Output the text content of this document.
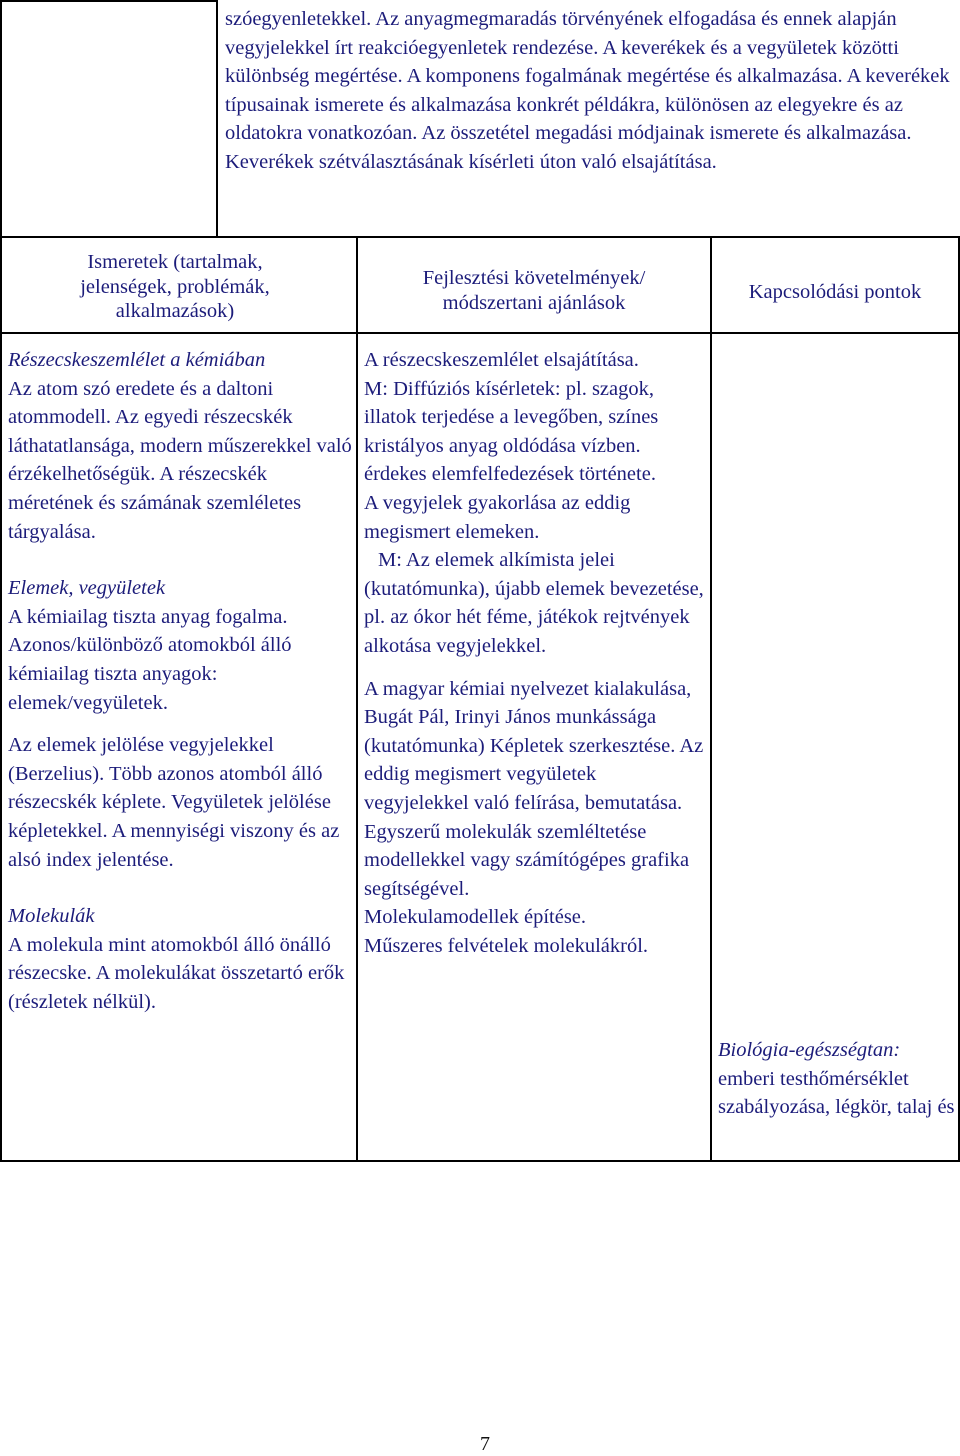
szóegyenletekkel. Az anyagmegmaradás törvényének elfogadása és ennek alapján vegyjelekkel írt reakcióegyenletek rendezése. A keverékek és a vegyületek közötti különbség megértése. A komponens fogalmának megértése és alkalmazása. A keverékek típusainak ismerete és alkalmazása konkrét példákra, különösen az elegyekre és az oldatokra vonatkozóan. Az összetétel megadási módjainak ismerete és alkalmazása. Keverékek szétválasztásának kísérleti úton való elsajátítása.
Ismeretek (tartalmak, jelenségek, problémák, alkalmazások)
Fejlesztési követelmények/ módszertani ajánlások	Kapcsolódási pontok
Részecskeszemlélet a kémiában
Az atom szó eredete és a daltoni atommodell. Az egyedi részecskék láthatatlansága, modern műszerekkel való érzékelhetőségük. A részecskék méretének és számának szemléletes tárgyalása.
Elemek, vegyületek
A kémiailag tiszta anyag fogalma. Azonos/különböző atomokból álló kémiailag tiszta anyagok: elemek/vegyületek.
Az elemek jelölése vegyjelekkel (Berzelius). Több azonos atomból álló részecskék képlete. Vegyületek jelölése képletekkel. A mennyiségi viszony és az alsó index jelentése.
Molekulák
A molekula mint atomokból álló önálló részecske. A molekulákat összetartó erők (részletek nélkül).
A részecskeszemlélet elsajátítása.
M: Diffúziós kísérletek: pl. szagok, illatok terjedése a levegőben, színes kristályos anyag oldódása vízben.
érdekes elemfelfedezések története.
A vegyjelek gyakorlása az eddig megismert elemeken.
M: Az elemek alkímista jelei (kutatómunka), újabb elemek bevezetése, pl. az ókor hét féme, játékok rejtvények alkotása vegyjelekkel.
A magyar kémiai nyelvezet kialakulása, Bugát Pál, Irinyi János munkássága (kutatómunka) Képletek szerkesztése. Az eddig megismert vegyületek vegyjelekkel való felírása, bemutatása.
Egyszerű molekulák szemléltetése modellekkel vagy számítógépes grafika segítségével.
Molekulamodellek építése.
Műszeres felvételek molekulákról.
Biológia-egészségtan:
emberi testhőmérséklet szabályozása, légkör, talaj és
7
